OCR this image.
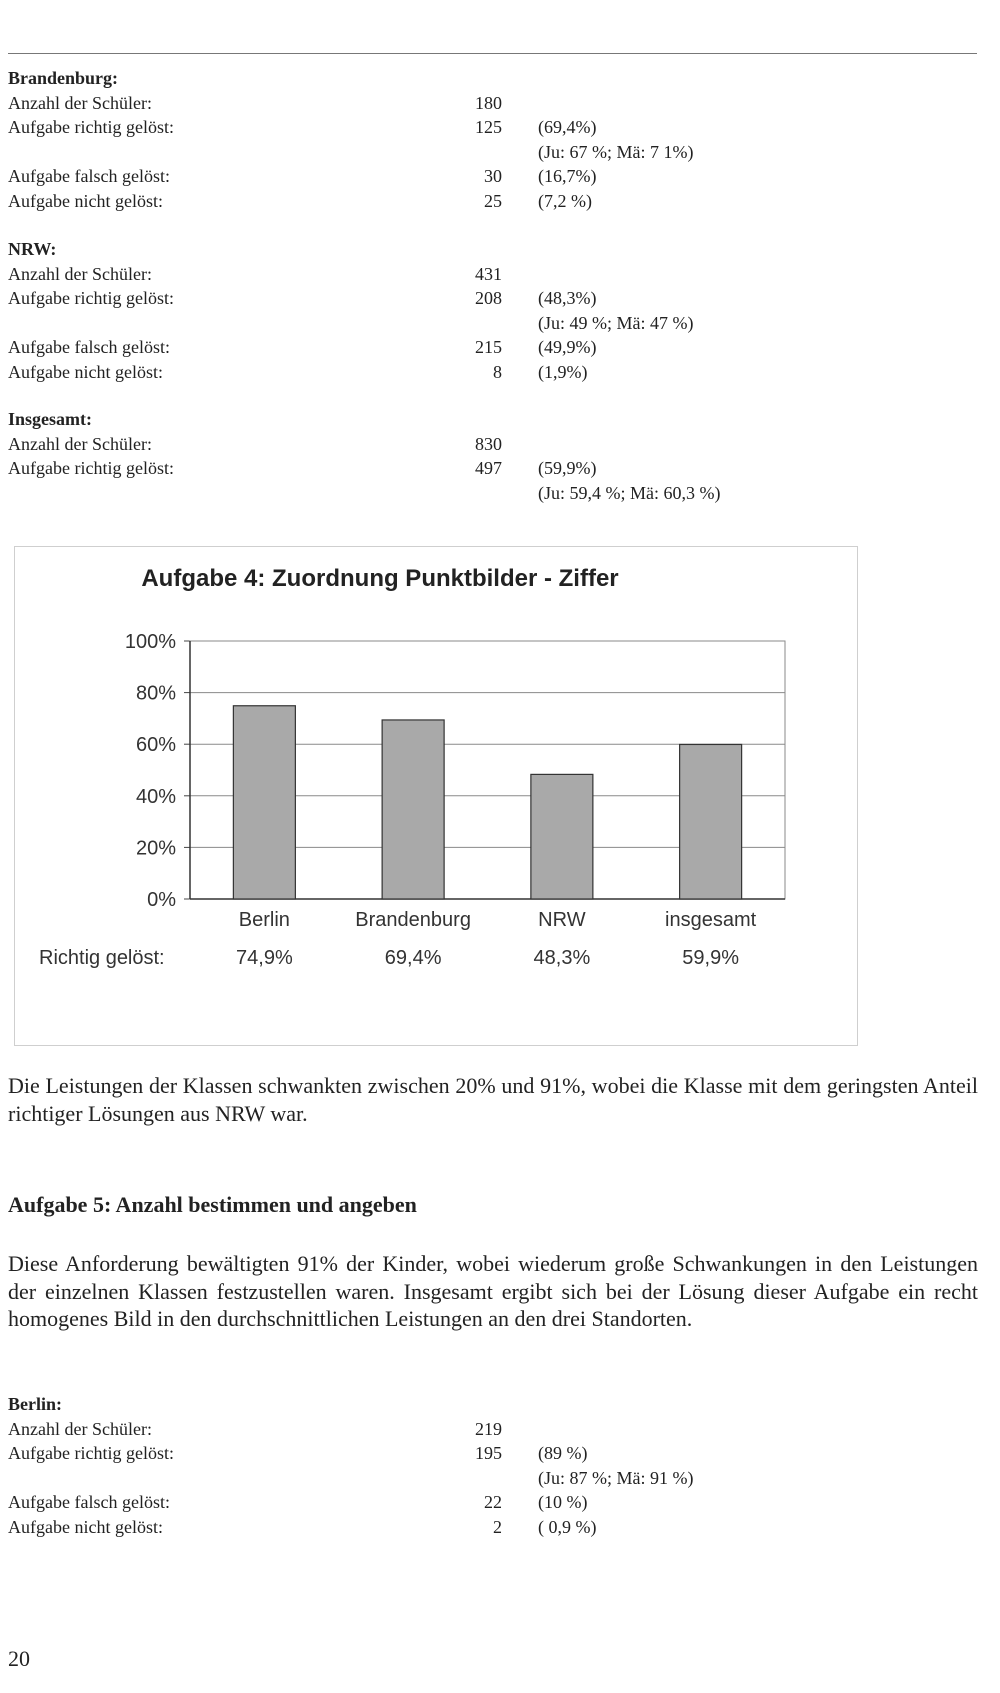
Brandenburg:
Anzahl der Schüler:	180
Aufgabe richtig gelöst:	125 (69,4%)
(Ju: 67 %; Mä: 7 1%)
Aufgabe falsch gelöst:	30 (16,7%)
Aufgabe nicht gelöst:	25 (7,2 %)
NRW:
Anzahl der Schüler:	431
Aufgabe richtig gelöst:	208 (48,3%)
(Ju: 49 %; Mä: 47 %)
Aufgabe falsch gelöst:	215 (49,9%)
Aufgabe nicht gelöst:	8 (1,9%)
Insgesamt:
Anzahl der Schüler:	830
Aufgabe richtig gelöst:	497 (59,9%)
(Ju: 59,4 %; Mä: 60,3 %)
Aufgabe 4: Zuordnung Punktbilder - Ziffer
0%
20%
40%
60%
80%
100%
Berlin
74,9%
Brandenburg
69,4%
NRW
48,3%
insgesamt
59,9%
Richtig gelöst:
Die Leistungen der Klassen schwankten zwischen 20% und 91%, wobei die Klasse mit dem geringsten Anteil richtiger Lösungen aus NRW war.
Aufgabe 5: Anzahl bestimmen und angeben
Diese Anforderung bewältigten 91% der Kinder, wobei wiederum große Schwankungen in den Leistungen der einzelnen Klassen festzustellen waren. Insgesamt ergibt sich bei der Lösung dieser Aufgabe ein recht homogenes Bild in den durchschnittlichen Leistungen an den drei Standorten.
Berlin:
Anzahl der Schüler:	219
Aufgabe richtig gelöst:	195 (89 %)
(Ju: 87 %; Mä: 91 %)
Aufgabe falsch gelöst:	22 (10 %)
Aufgabe nicht gelöst:	2 ( 0,9 %)
20
